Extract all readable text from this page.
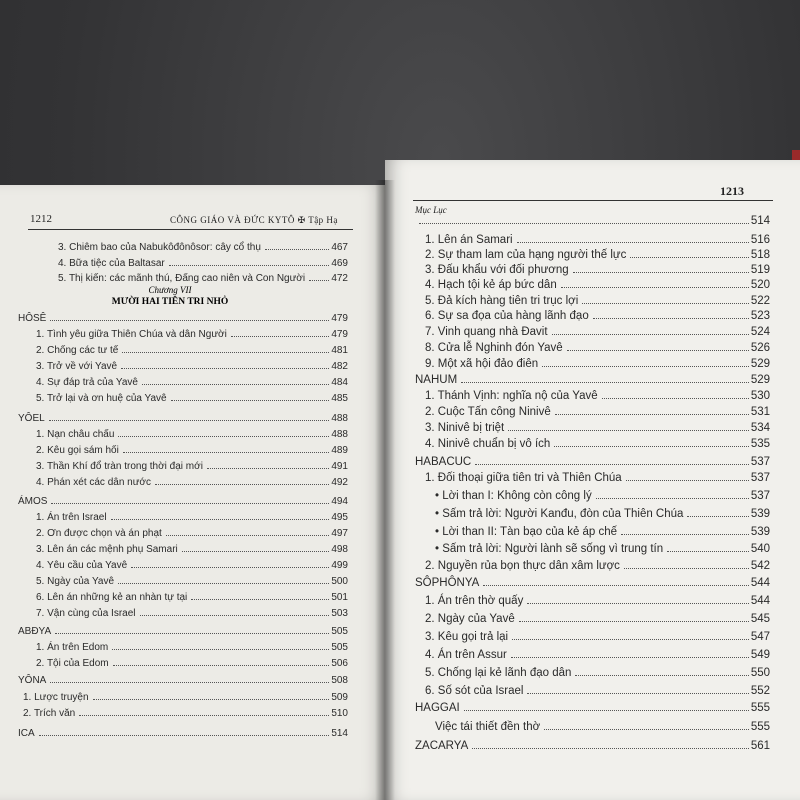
1212	CÔNG GIÁO VÀ ĐỨC KYTÔ ✠ Tập Hạ
Chương VII
MƯỜI HAI TIÊN TRI NHỎ
3. Chiêm bao của Nabukôđônôsor: cây cổ thụ	467
4. Bữa tiệc của Baltasar	469
5. Thị kiến: các mãnh thú, Đấng cao niên và Con Người	472
HÔSÊ	479
1. Tình yêu giữa Thiên Chúa và dân Người	479
2. Chống các tư tế	481
3. Trở về với Yavê	482
4. Sự đáp trả của Yavê	484
5. Trở lại và ơn huệ của Yavê	485
YÔEL	488
1. Nạn châu chấu	488
2. Kêu gọi sám hối	489
3. Thần Khí đổ tràn trong thời đại mới	491
4. Phán xét các dân nước	492
ÁMOS	494
1. Án trên Israel	495
2. Ơn được chọn và án phạt	497
3. Lên án các mệnh phụ Samari	498
4. Yêu cầu của Yavê	499
5. Ngày của Yavê	500
6. Lên án những kẻ an nhàn tự tại	501
7. Vận cùng của Israel	503
ABĐYA	505
1. Án trên Edom	505
2. Tội của Edom	506
YÔNA	508
1. Lược truyện	509
2. Trích văn	510
ICA	514
1213
Mục Lục
514
1. Lên án Samari	516
2. Sự tham lam của hạng người thế lực	518
3. Đấu khẩu với đối phương	519
4. Hạch tội kẻ áp bức dân	520
5. Đả kích hàng tiên tri trục lợi	522
6. Sự sa đọa của hàng lãnh đạo	523
7. Vinh quang nhà Đavit	524
8. Cửa lễ Nghinh đón Yavê	526
9. Một xã hội đảo điên	529
NAHUM	529
1. Thánh Vịnh: nghĩa nộ của Yavê	530
2. Cuộc Tấn công Ninivê	531
3. Ninivê bị triệt	534
4. Ninivê chuẩn bị vô ích	535
HABACUC	537
1. Đối thoại giữa tiên tri và Thiên Chúa	537
• Lời than I: Không còn công lý	537
• Sấm trả lời: Người Kanđu, đòn của Thiên Chúa	539
• Lời than II: Tàn bạo của kẻ áp chế	539
• Sấm trả lời: Người lành sẽ sống vì trung tín	540
2. Nguyền rủa bọn thực dân xâm lược	542
SÔPHÔNYA	544
1. Án trên thờ quấy	544
2. Ngày của Yavê	545
3. Kêu gọi trả lại	547
4. Án trên Assur	549
5. Chống lại kẻ lãnh đạo dân	550
6. Số sót của Israel	552
HAGGAI	555
Việc tái thiết đền thờ	555
ZACARYA	561
